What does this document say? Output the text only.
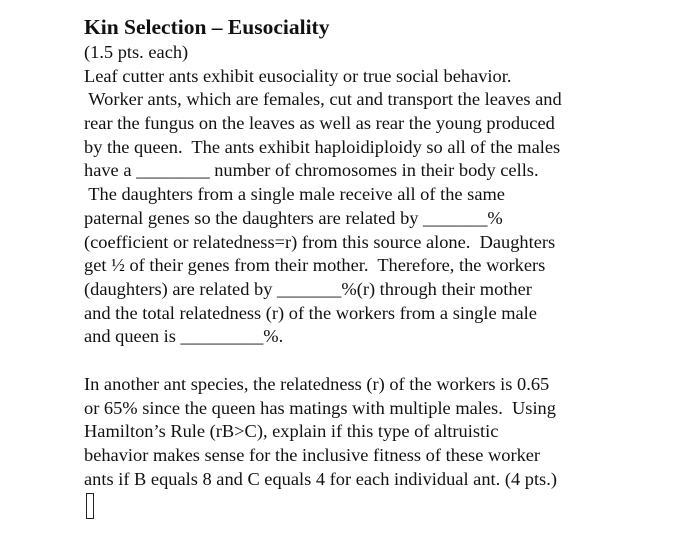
Kin Selection – Eusociality
(1.5 pts. each)
Leaf cutter ants exhibit eusociality or true social behavior.
Worker ants, which are females, cut and transport the leaves and
rear the fungus on the leaves as well as rear the young produced
by the queen.  The ants exhibit haploidiploidy so all of the males
have a ________ number of chromosomes in their body cells.
The daughters from a single male receive all of the same
paternal genes so the daughters are related by _______%
(coefficient or relatedness=r) from this source alone.  Daughters
get ½ of their genes from their mother.  Therefore, the workers
(daughters) are related by _______%(r) through their mother
and the total relatedness (r) of the workers from a single male
and queen is _________%.
In another ant species, the relatedness (r) of the workers is 0.65
or 65% since the queen has matings with multiple males.  Using
Hamilton’s Rule (rB>C), explain if this type of altruistic
behavior makes sense for the inclusive fitness of these worker
ants if B equals 8 and C equals 4 for each individual ant. (4 pts.)
